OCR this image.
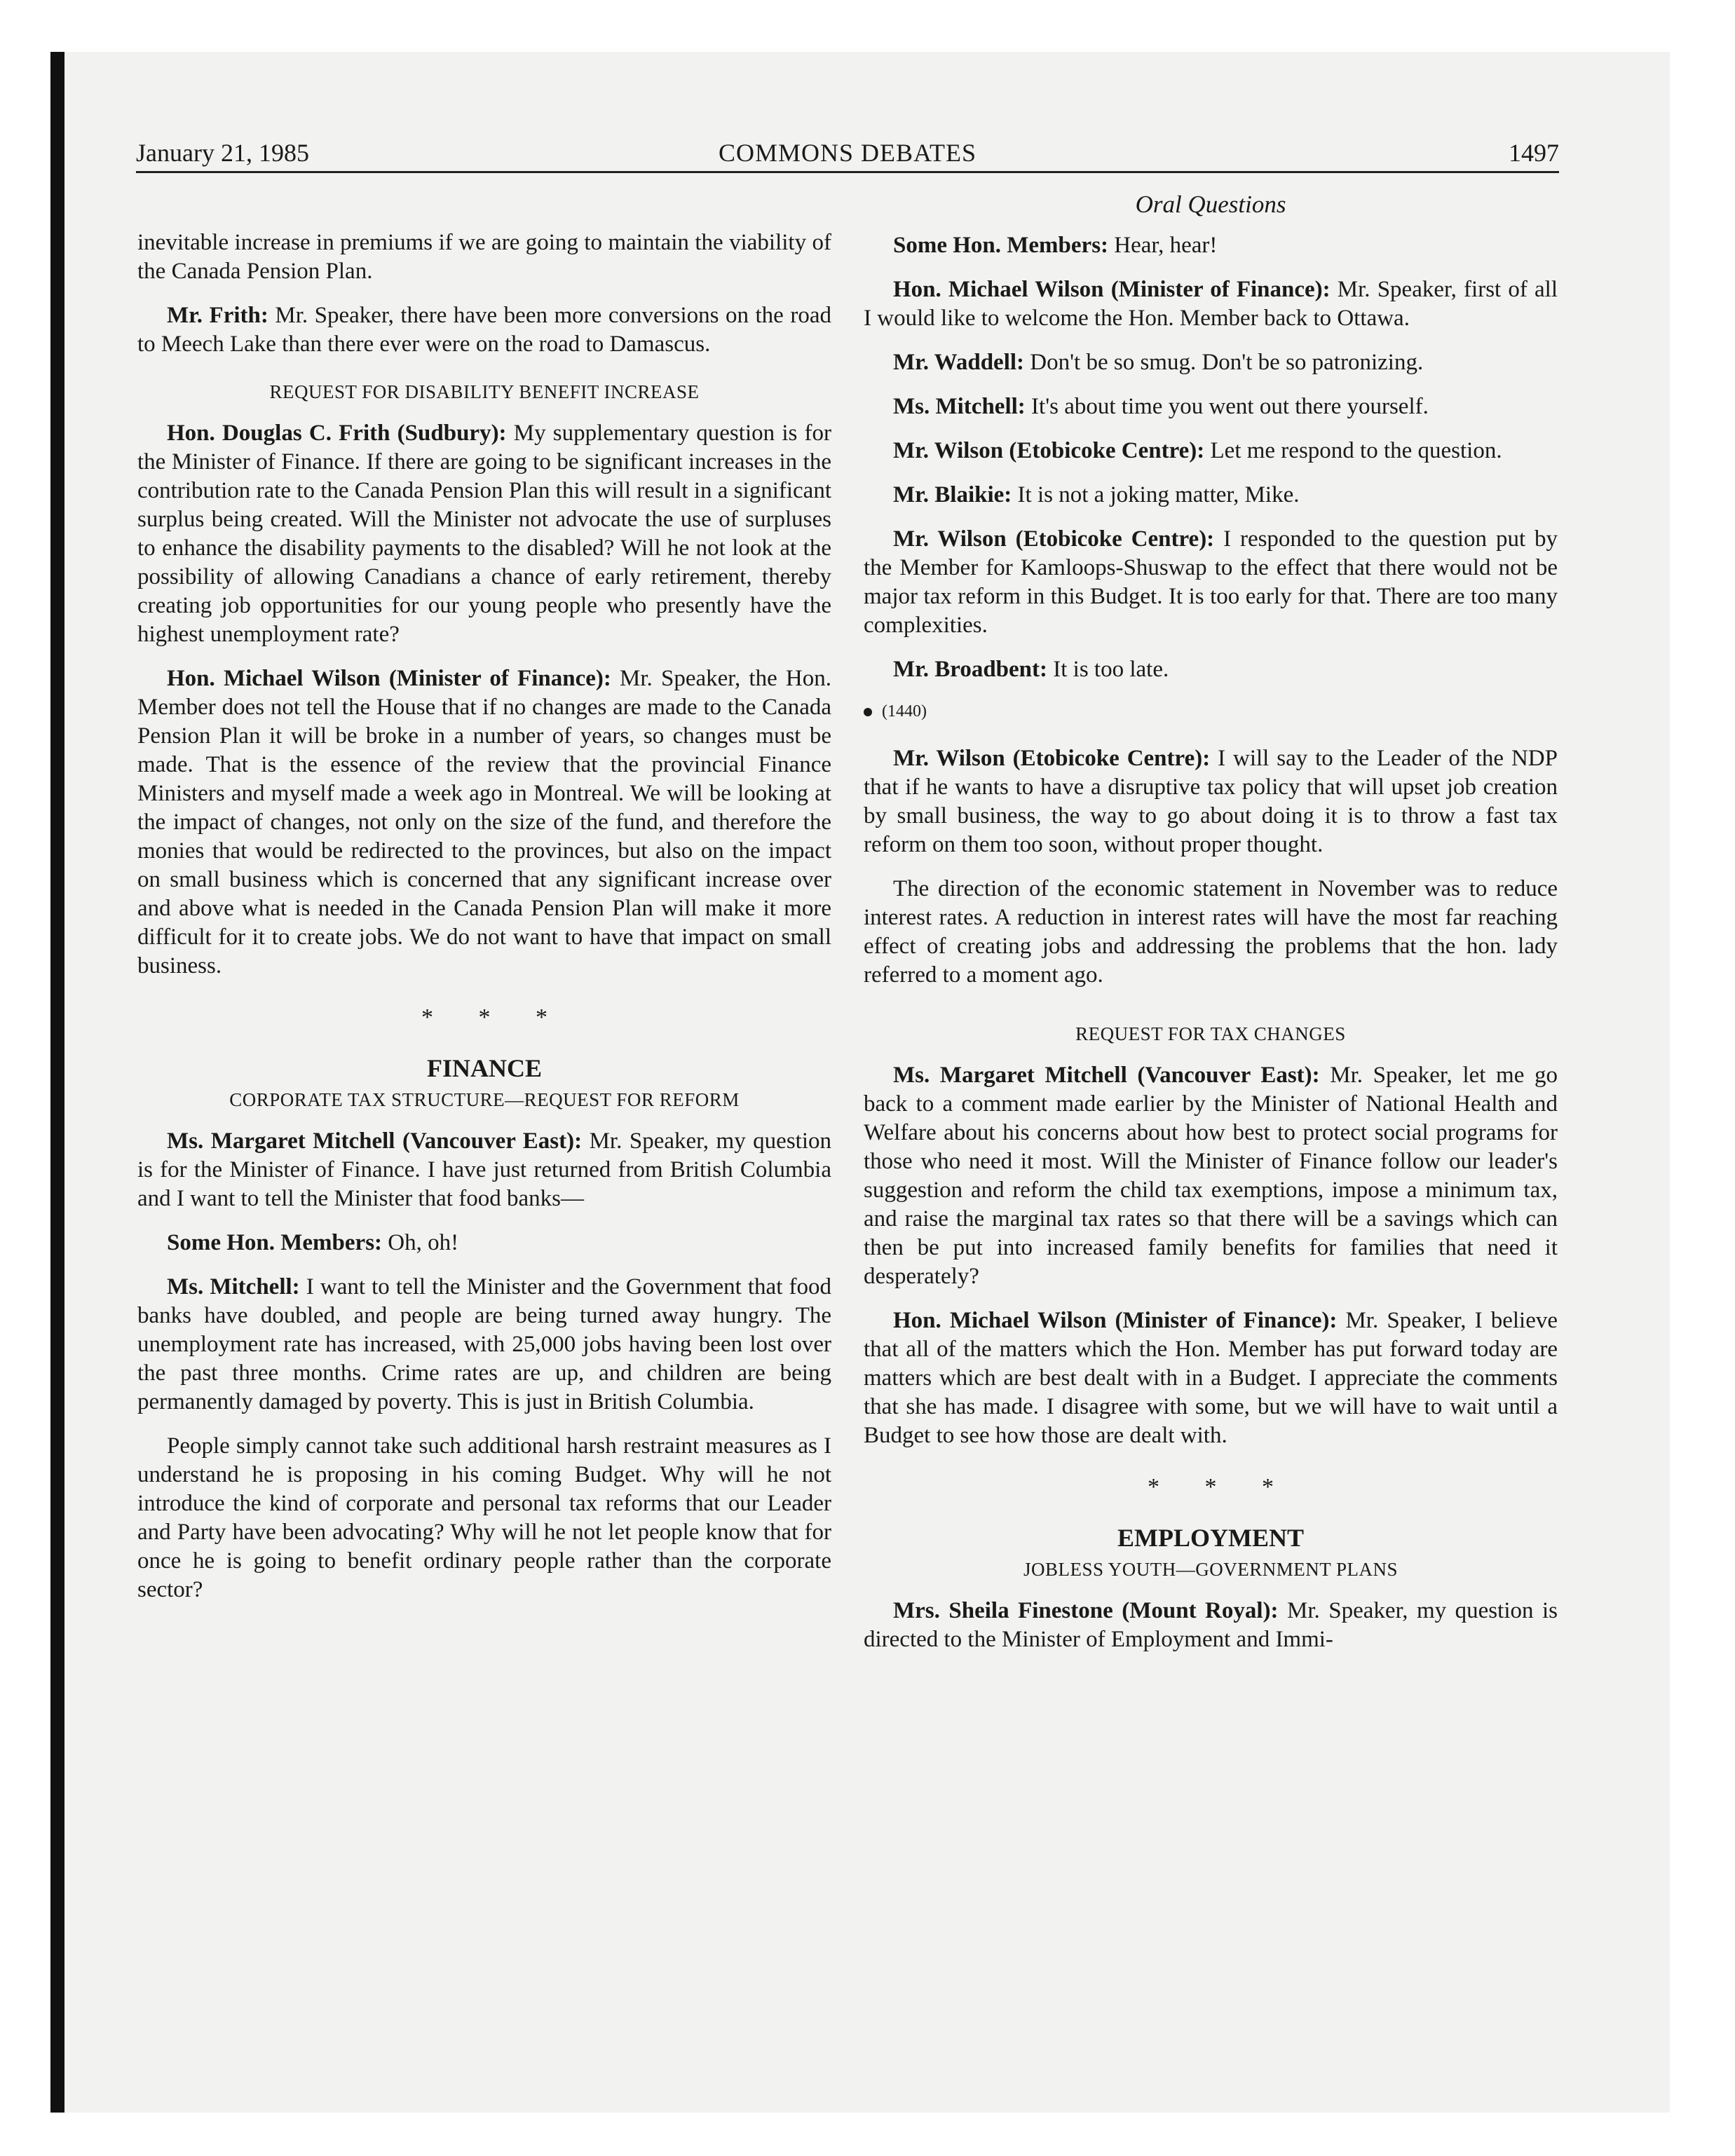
January 21, 1985	COMMONS DEBATES	1497

inevitable increase in premiums if we are going to maintain the viability of the Canada Pension Plan.

Mr. Frith: Mr. Speaker, there have been more conversions on the road to Meech Lake than there ever were on the road to Damascus.

REQUEST FOR DISABILITY BENEFIT INCREASE

Hon. Douglas C. Frith (Sudbury): My supplementary question is for the Minister of Finance. If there are going to be significant increases in the contribution rate to the Canada Pension Plan this will result in a significant surplus being created. Will the Minister not advocate the use of surpluses to enhance the disability payments to the disabled? Will he not look at the possibility of allowing Canadians a chance of early retirement, thereby creating job opportunities for our young people who presently have the highest unemployment rate?

Hon. Michael Wilson (Minister of Finance): Mr. Speaker, the Hon. Member does not tell the House that if no changes are made to the Canada Pension Plan it will be broke in a number of years, so changes must be made. That is the essence of the review that the provincial Finance Ministers and myself made a week ago in Montreal. We will be looking at the impact of changes, not only on the size of the fund, and therefore the monies that would be redirected to the provinces, but also on the impact on small business which is concerned that any significant increase over and above what is needed in the Canada Pension Plan will make it more difficult for it to create jobs. We do not want to have that impact on small business.

* * *
FINANCE
CORPORATE TAX STRUCTURE—REQUEST FOR REFORM

Ms. Margaret Mitchell (Vancouver East): Mr. Speaker, my question is for the Minister of Finance. I have just returned from British Columbia and I want to tell the Minister that food banks—

Some Hon. Members: Oh, oh!

Ms. Mitchell: I want to tell the Minister and the Government that food banks have doubled, and people are being turned away hungry. The unemployment rate has increased, with 25,000 jobs having been lost over the past three months. Crime rates are up, and children are being permanently damaged by poverty. This is just in British Columbia.

People simply cannot take such additional harsh restraint measures as I understand he is proposing in his coming Budget. Why will he not introduce the kind of corporate and personal tax reforms that our Leader and Party have been advocating? Why will he not let people know that for once he is going to benefit ordinary people rather than the corporate sector?

Oral Questions

Some Hon. Members: Hear, hear!

Hon. Michael Wilson (Minister of Finance): Mr. Speaker, first of all I would like to welcome the Hon. Member back to Ottawa.

Mr. Waddell: Don't be so smug. Don't be so patronizing.

Ms. Mitchell: It's about time you went out there yourself.

Mr. Wilson (Etobicoke Centre): Let me respond to the question.

Mr. Blaikie: It is not a joking matter, Mike.

Mr. Wilson (Etobicoke Centre): I responded to the question put by the Member for Kamloops-Shuswap to the effect that there would not be major tax reform in this Budget. It is too early for that. There are too many complexities.

Mr. Broadbent: It is too late.

(1440)

Mr. Wilson (Etobicoke Centre): I will say to the Leader of the NDP that if he wants to have a disruptive tax policy that will upset job creation by small business, the way to go about doing it is to throw a fast tax reform on them too soon, without proper thought.

The direction of the economic statement in November was to reduce interest rates. A reduction in interest rates will have the most far reaching effect of creating jobs and addressing the problems that the hon. lady referred to a moment ago.

REQUEST FOR TAX CHANGES

Ms. Margaret Mitchell (Vancouver East): Mr. Speaker, let me go back to a comment made earlier by the Minister of National Health and Welfare about his concerns about how best to protect social programs for those who need it most. Will the Minister of Finance follow our leader's suggestion and reform the child tax exemptions, impose a minimum tax, and raise the marginal tax rates so that there will be a savings which can then be put into increased family benefits for families that need it desperately?

Hon. Michael Wilson (Minister of Finance): Mr. Speaker, I believe that all of the matters which the Hon. Member has put forward today are matters which are best dealt with in a Budget. I appreciate the comments that she has made. I disagree with some, but we will have to wait until a Budget to see how those are dealt with.

* * *
EMPLOYMENT
JOBLESS YOUTH—GOVERNMENT PLANS

Mrs. Sheila Finestone (Mount Royal): Mr. Speaker, my question is directed to the Minister of Employment and Immi-
